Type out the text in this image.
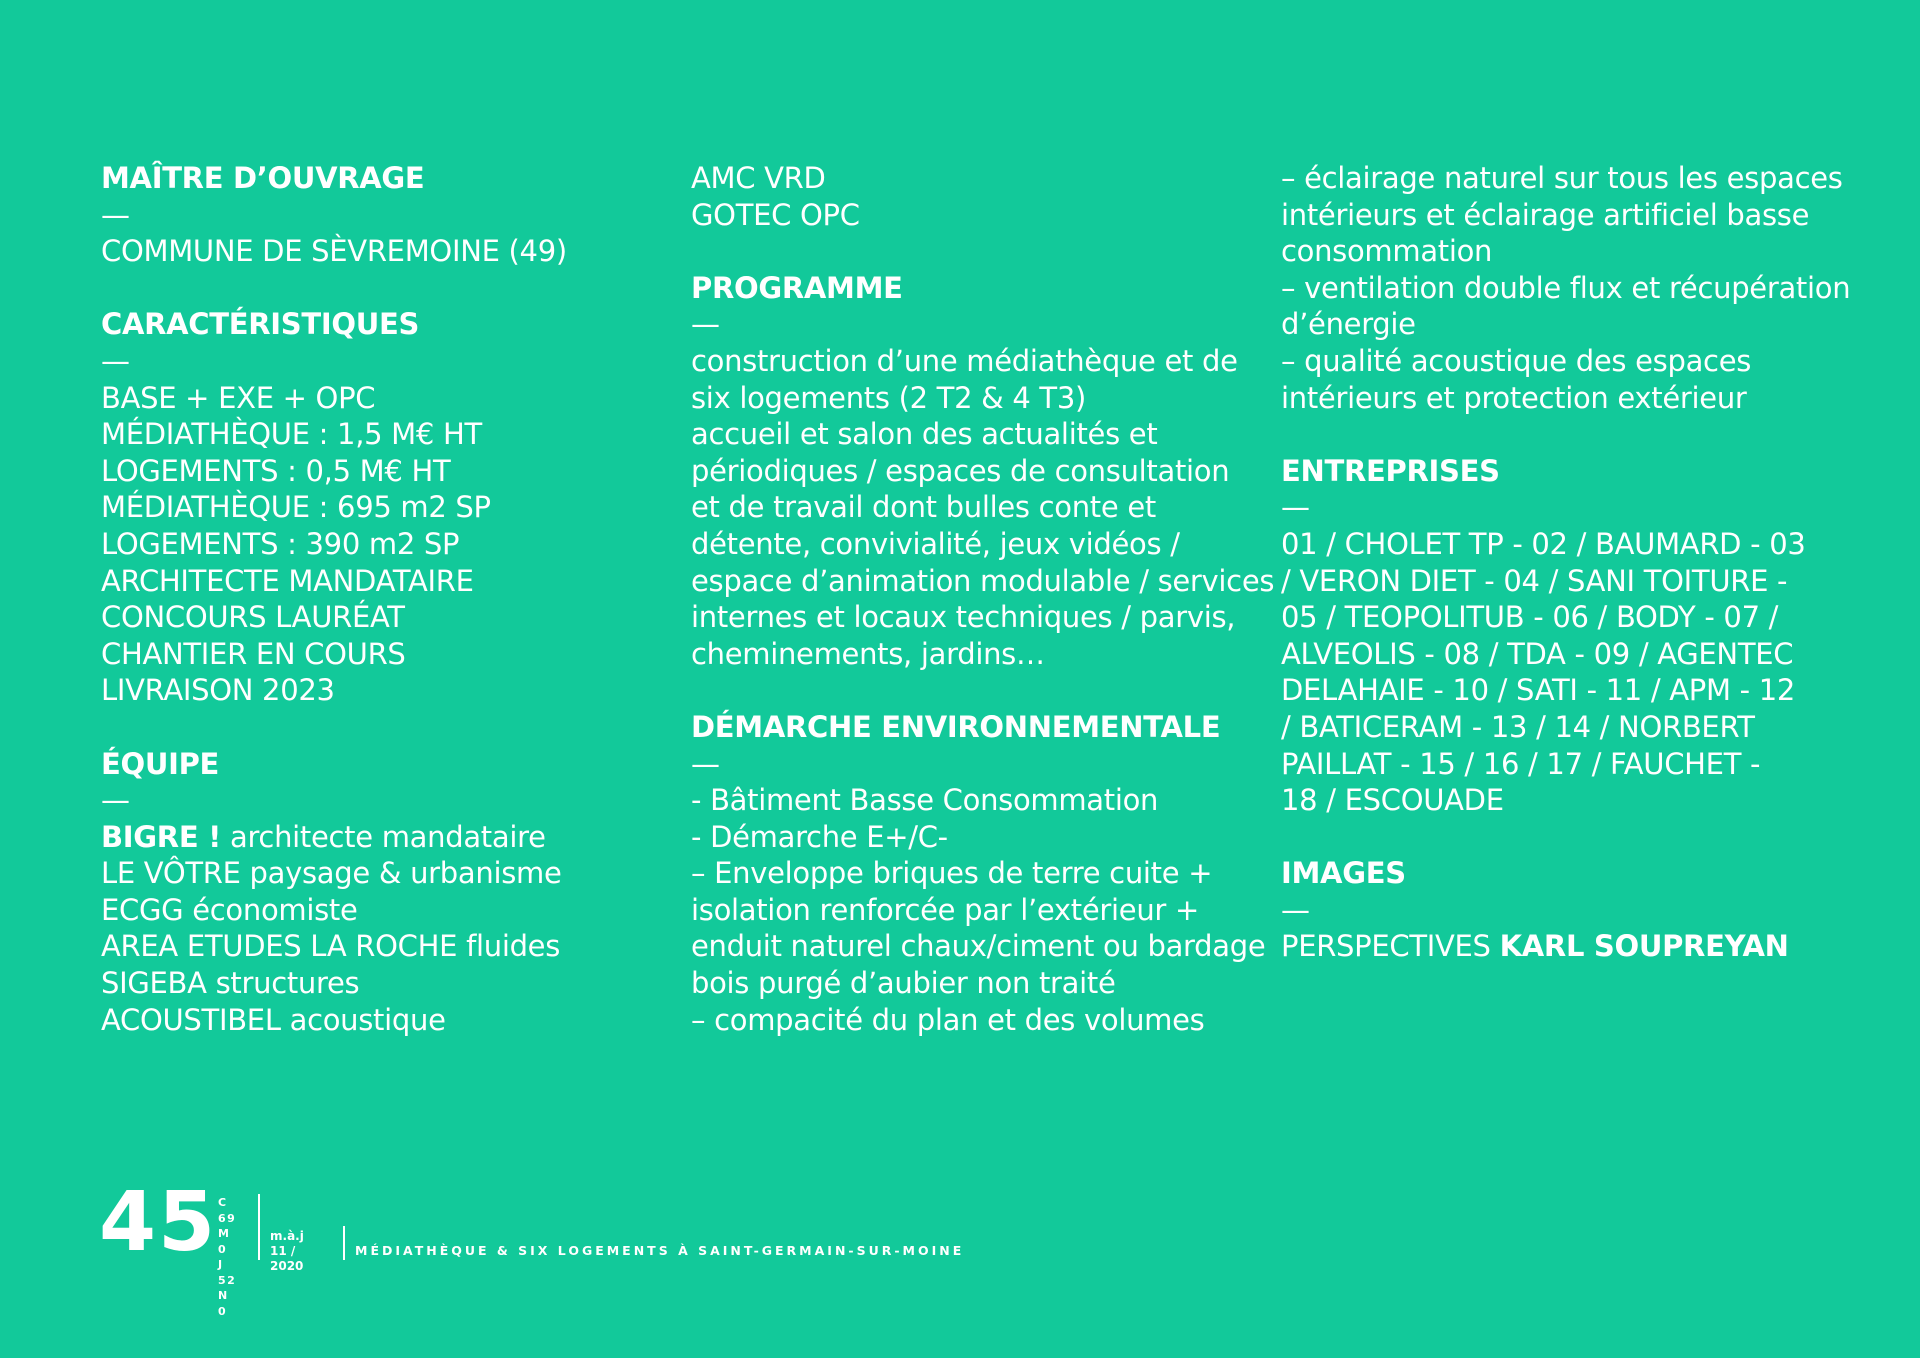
MAÎTRE D’OUVRAGE
—
COMMUNE DE SÈVREMOINE (49)
CARACTÉRISTIQUES
—
BASE + EXE + OPC
MÉDIATHÈQUE : 1,5 M€ HT
LOGEMENTS : 0,5 M€ HT
MÉDIATHÈQUE : 695 m2 SP
LOGEMENTS : 390 m2 SP
ARCHITECTE MANDATAIRE
CONCOURS LAURÉAT
CHANTIER EN COURS
LIVRAISON 2023
ÉQUIPE
—
BIGRE ! architecte mandataire
LE VÔTRE paysage & urbanisme
ECGG économiste
AREA ETUDES LA ROCHE fluides
SIGEBA structures
ACOUSTIBEL acoustique
AMC VRD
GOTEC OPC
PROGRAMME
—
construction d’une médiathèque et de
six logements (2 T2 & 4 T3)
accueil et salon des actualités et
périodiques / espaces de consultation
et de travail dont bulles conte et
détente, convivialité, jeux vidéos /
espace d’animation modulable / services
internes et locaux techniques / parvis,
cheminements, jardins…
DÉMARCHE ENVIRONNEMENTALE
—
- Bâtiment Basse Consommation
- Démarche E+/C-
– Enveloppe briques de terre cuite +
isolation renforcée par l’extérieur +
enduit naturel chaux/ciment ou bardage
bois purgé d’aubier non traité
– compacité du plan et des volumes
– éclairage naturel sur tous les espaces
intérieurs et éclairage artificiel basse
consommation
– ventilation double flux et récupération
d’énergie
– qualité acoustique des espaces
intérieurs et protection extérieur
ENTREPRISES
—
01 / CHOLET TP - 02 / BAUMARD - 03
/ VERON DIET - 04 / SANI TOITURE -
05 / TEOPOLITUB - 06 / BODY - 07 /
ALVEOLIS - 08 / TDA - 09 / AGENTEC
DELAHAIE - 10 / SATI - 11 / APM - 12
/ BATICERAM - 13 / 14 / NORBERT
PAILLAT - 15 / 16 / 17 / FAUCHET -
18 / ESCOUADE
IMAGES
—
PERSPECTIVES KARL SOUPREYAN
45 C 69
M 0
J 52
N 0
m.à.j
11 / 2020
MÉDIATHÈQUE & SIX LOGEMENTS À SAINT-GERMAIN-SUR-MOINE
